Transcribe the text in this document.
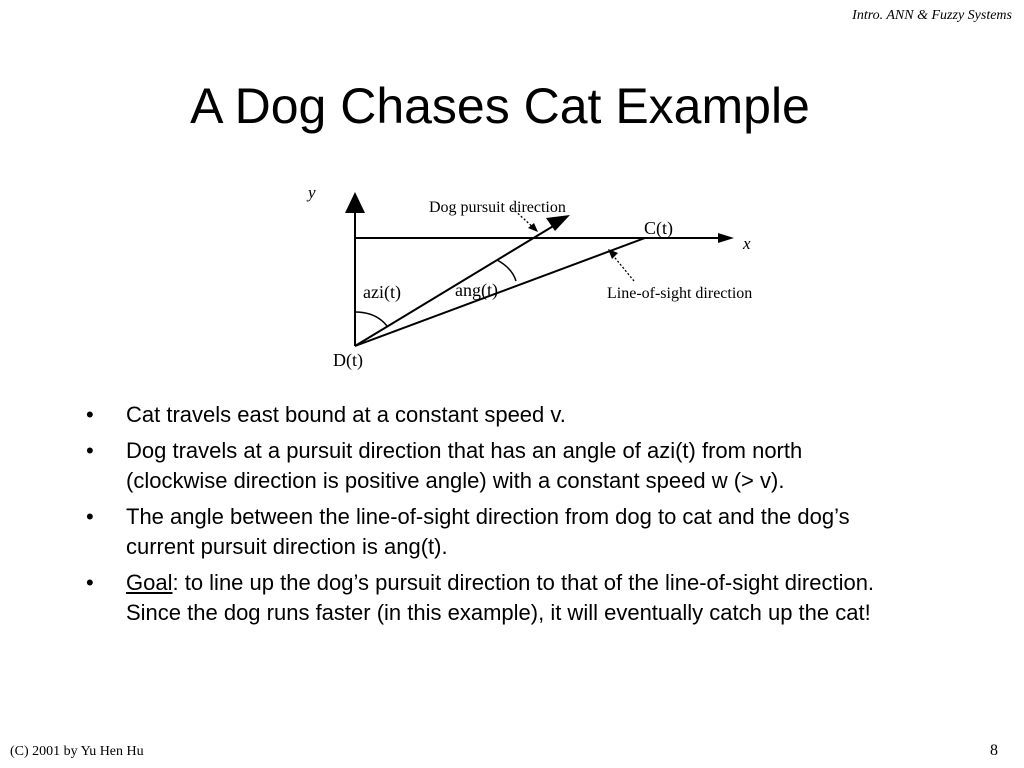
Intro. ANN & Fuzzy Systems
A Dog Chases Cat Example
y
x
Dog pursuit direction
C(t)
Line-of-sight direction
azi(t)	ang(t)
D(t)
• Cat travels east bound at a constant speed v.
• Dog travels at a pursuit direction that has an angle of azi(t) from north (clockwise direction is positive angle) with a constant speed w (> v).
• The angle between the line-of-sight direction from dog to cat and the dog’s current pursuit direction is ang(t).
• Goal: to line up the dog’s pursuit direction to that of the line-of-sight direction. Since the dog runs faster (in this example), it will eventually catch up the cat!
(C) 2001 by Yu Hen Hu	8
